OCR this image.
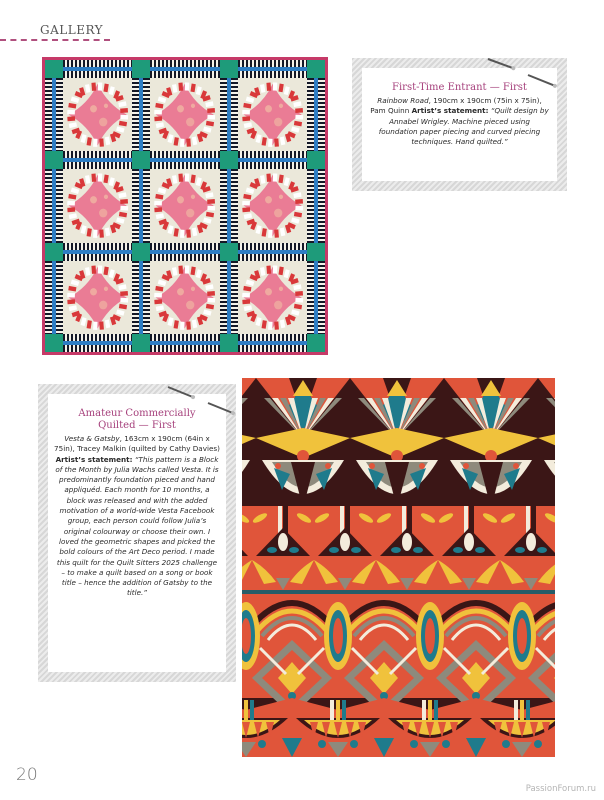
GALLERY
First-Time Entrant — First
Rainbow Road, 190cm x 190cm (75in x 75in), Pam Quinn Artist’s statement: “Quilt design by Annabel Wrigley. Machine pieced using foundation paper piecing and curved piecing techniques. Hand quilted.”
Amateur Commercially Quilted — First
Vesta & Gatsby, 163cm x 190cm (64in x 75in), Tracey Malkin (quilted by Cathy Davies) Artist’s statement: “This pattern is a Block of the Month by Julia Wachs called Vesta. It is predominantly foundation pieced and hand appliquéd. Each month for 10 months, a block was released and with the added motivation of a world-wide Vesta Facebook group, each person could follow Julia’s original colourway or choose their own. I loved the geometric shapes and picked the bold colours of the Art Deco period. I made this quilt for the Quilt Sitters 2025 challenge – to make a quilt based on a song or book title – hence the addition of Gatsby to the title.”
20
PassionForum.ru
